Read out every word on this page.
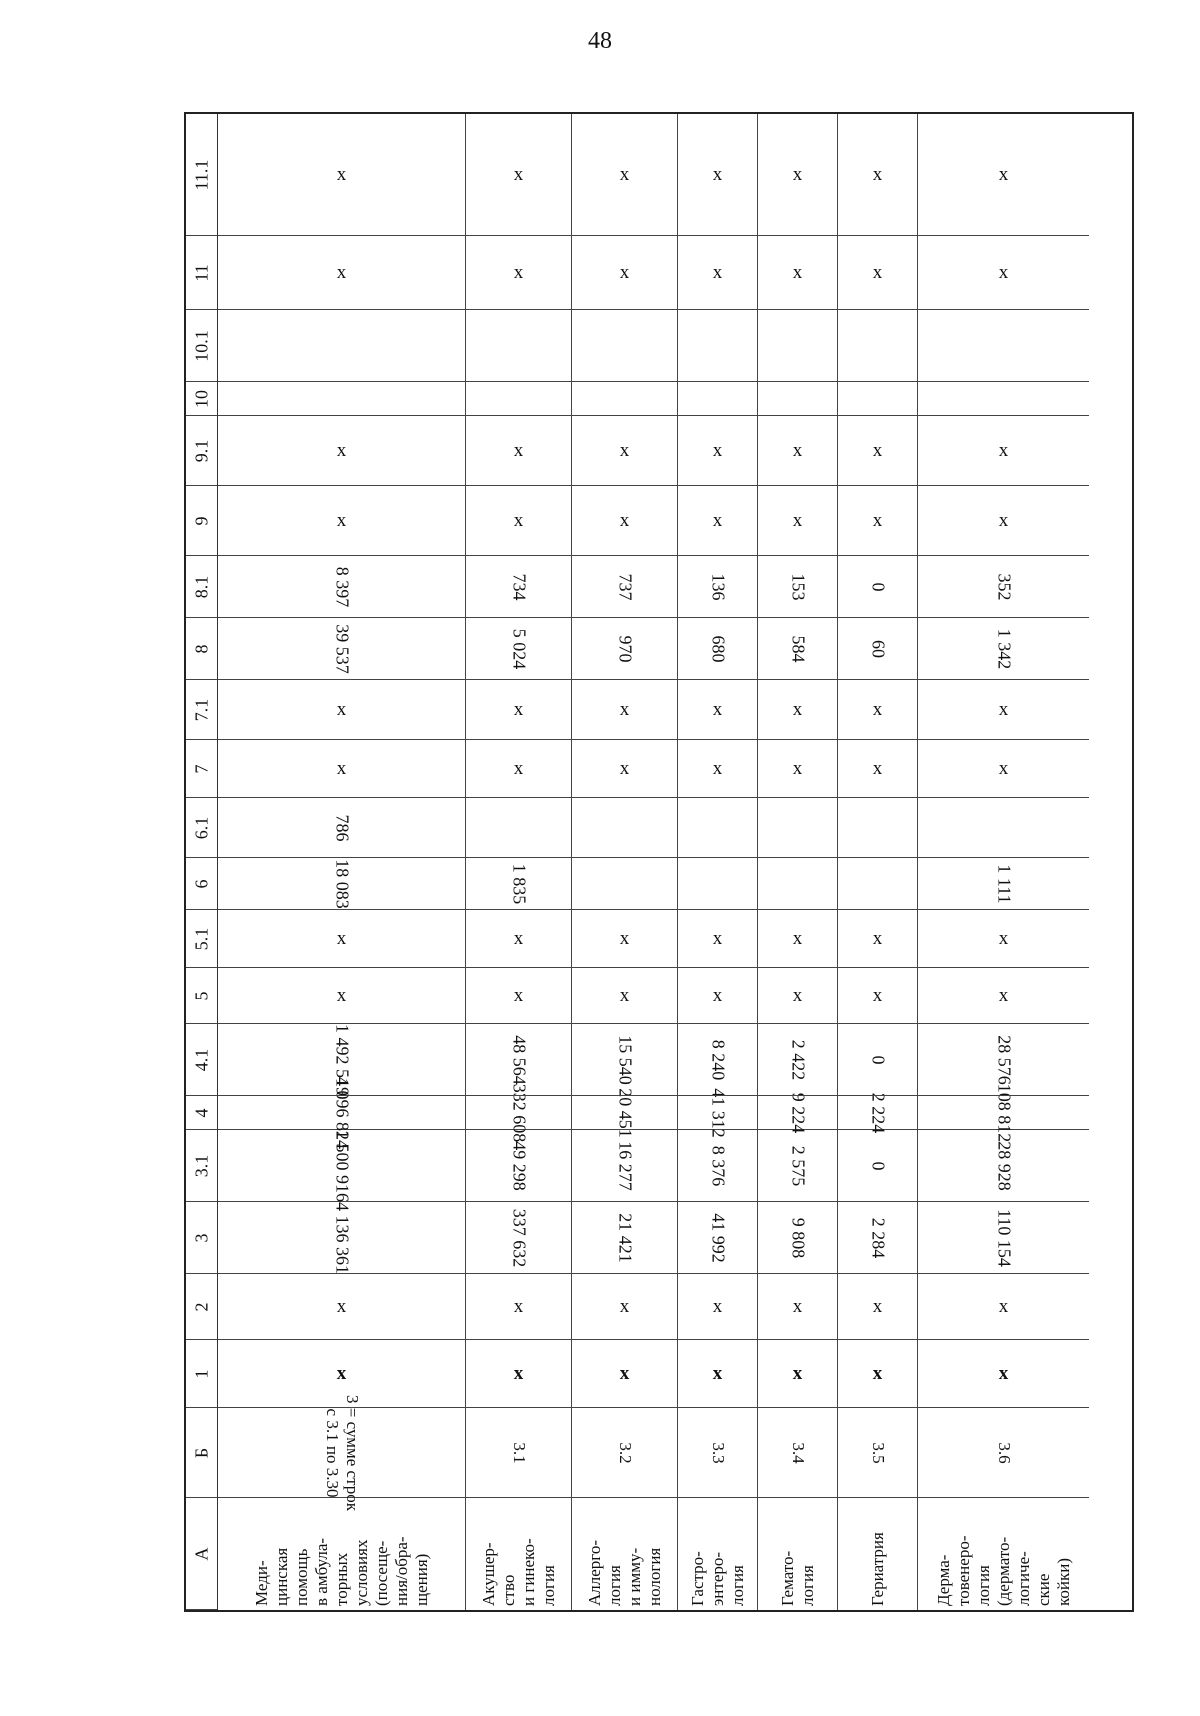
48
A
Б
1
2
3
3.1
4
4.1
5
5.1
6
6.1
7
7.1
8
8.1
9
9.1
10
10.1
11
11.1
Меди- цинская помощь в амбула- торных условиях (посеще- ния/обра- щения)
3 = сумме строк
с 3.1 по 3.30
x
x
4 136 361
1 500 916
4 096 824
1 492 519
x
x
18 083
786
x
x
39 537
8 397
x
x
x
x
Акушер- ство и гинеко- логия
3.1
x
x
337 632
49 298
332 608
48 564
x
x
1 835
x
x
5 024
734
x
x
x
x
Аллерго- логия и иммy- нология
3.2
x
x
21 421
16 277
20 451
15 540
x
x
x
x
970
737
x
x
x
x
Гастро- энтеро- логия
3.3
x
x
41 992
8 376
41 312
8 240
x
x
x
x
680
136
x
x
x
x
Гемато- логия
3.4
x
x
9 808
2 575
9 224
2 422
x
x
x
x
584
153
x
x
x
x
Гериатрия
3.5
x
x
2 284
0
2 224
0
x
x
x
x
60
0
x
x
x
x
Дерма- товенеро- логия (дермато- логиче- ские койки)
3.6
x
x
110 154
28 928
108 812
28 576
x
x
1 111
x
x
1 342
352
x
x
x
x
